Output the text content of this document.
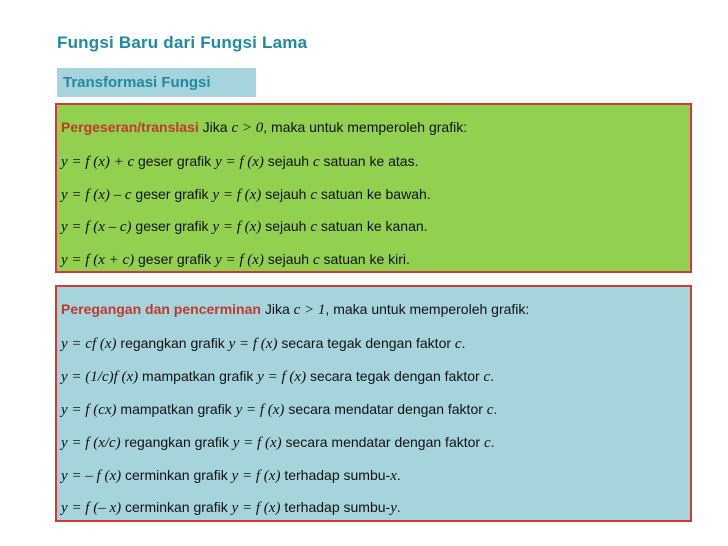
Fungsi Baru dari Fungsi Lama
Transformasi Fungsi
Pergeseran/translasi Jika c > 0, maka untuk memperoleh grafik:
y = f (x) + c geser grafik y = f (x) sejauh c satuan ke atas.
y = f (x) – c geser grafik y = f (x) sejauh c satuan ke bawah.
y = f (x – c) geser grafik y = f (x) sejauh c satuan ke kanan.
y = f (x + c) geser grafik y = f (x) sejauh c satuan ke kiri.
Peregangan dan pencerminan Jika c > 1, maka untuk memperoleh grafik:
y = cf (x) regangkan grafik y = f (x) secara tegak dengan faktor c.
y = (1/c)f (x) mampatkan grafik y = f (x) secara tegak dengan faktor c.
y = f (cx) mampatkan grafik y = f (x) secara mendatar dengan faktor c.
y = f (x/c) regangkan grafik y = f (x) secara mendatar dengan faktor c.
y = – f (x) cerminkan grafik y = f (x) terhadap sumbu-x.
y = f (– x) cerminkan grafik y = f (x) terhadap sumbu-y.
